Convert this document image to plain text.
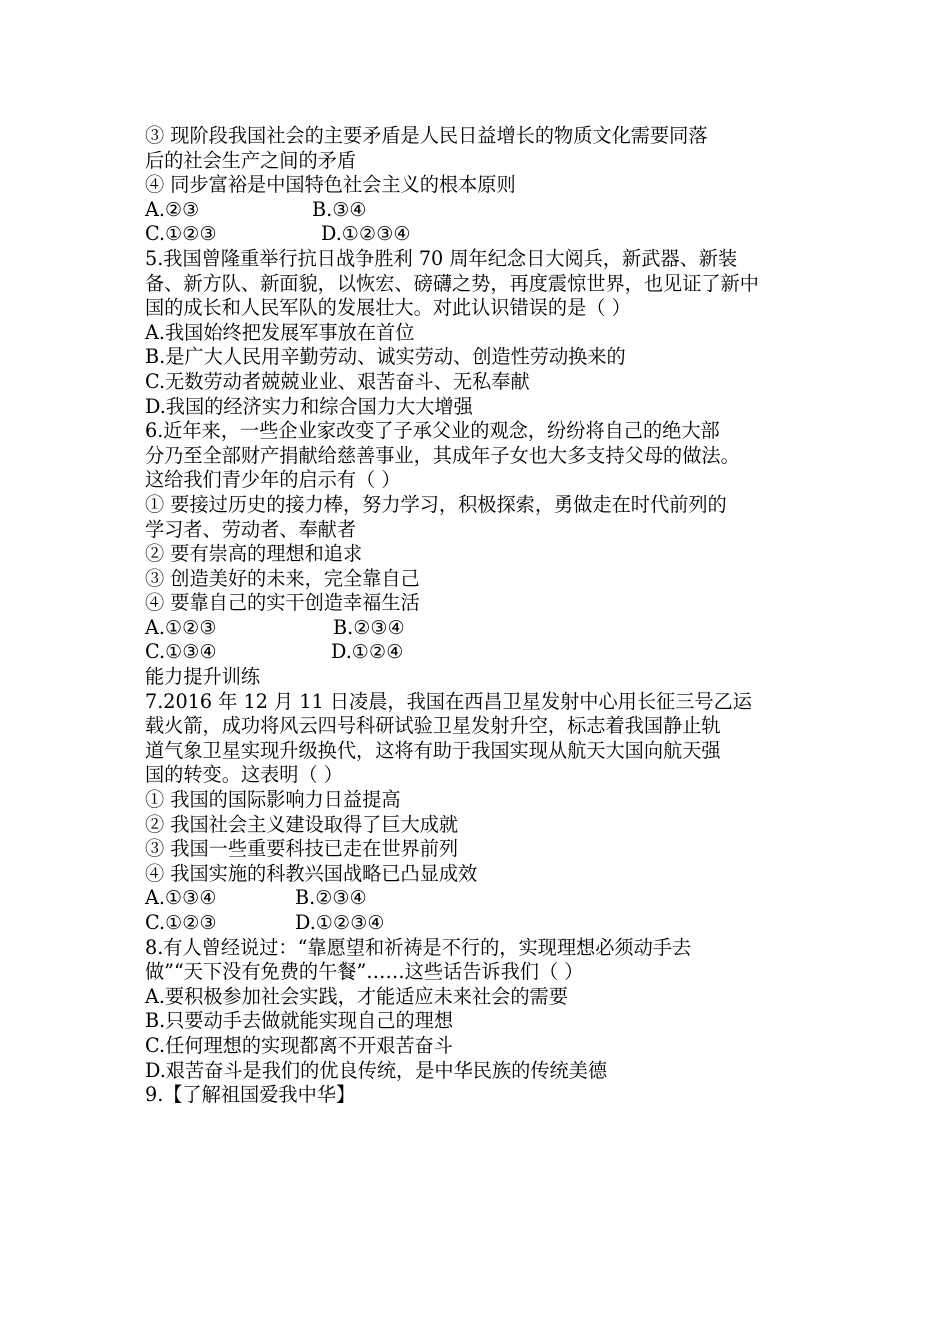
③ 现阶段我国社会的主要矛盾是人民日益增长的物质文化需要同落
后的社会生产之间的矛盾
④ 同步富裕是中国特色社会主义的根本原则
A.②③	B.③④
C.①②③	D.①②③④
5.我国曾隆重举行抗日战争胜利 70 周年纪念日大阅兵，新武器、新装
备、新方队、新面貌，以恢宏、磅礴之势，再度震惊世界，也见证了新中
国的成长和人民军队的发展壮大。对此认识错误的是（ ）
A.我国始终把发展军事放在首位
B.是广大人民用辛勤劳动、诚实劳动、创造性劳动换来的
C.无数劳动者兢兢业业、艰苦奋斗、无私奉献
D.我国的经济实力和综合国力大大增强
6.近年来，一些企业家改变了子承父业的观念，纷纷将自己的绝大部
分乃至全部财产捐献给慈善事业，其成年子女也大多支持父母的做法。
这给我们青少年的启示有（ ）
① 要接过历史的接力棒，努力学习，积极探索，勇做走在时代前列的
学习者、劳动者、奉献者
② 要有崇高的理想和追求
③ 创造美好的未来，完全靠自己
④ 要靠自己的实干创造幸福生活
A.①②③	B.②③④
C.①③④	D.①②④
能力提升训练
7.2016 年 12 月 11 日凌晨，我国在西昌卫星发射中心用长征三号乙运
载火箭，成功将风云四号科研试验卫星发射升空，标志着我国静止轨
道气象卫星实现升级换代，这将有助于我国实现从航天大国向航天强
国的转变。这表明（ ）
① 我国的国际影响力日益提高
② 我国社会主义建设取得了巨大成就
③ 我国一些重要科技已走在世界前列
④ 我国实施的科教兴国战略已凸显成效
A.①③④	B.②③④
C.①②③	D.①②③④
8.有人曾经说过：“靠愿望和祈祷是不行的，实现理想必须动手去
做”“天下没有免费的午餐”……这些话告诉我们（ ）
A.要积极参加社会实践，才能适应未来社会的需要
B.只要动手去做就能实现自己的理想
C.任何理想的实现都离不开艰苦奋斗
D.艰苦奋斗是我们的优良传统，是中华民族的传统美德
9.【了解祖国爱我中华】
